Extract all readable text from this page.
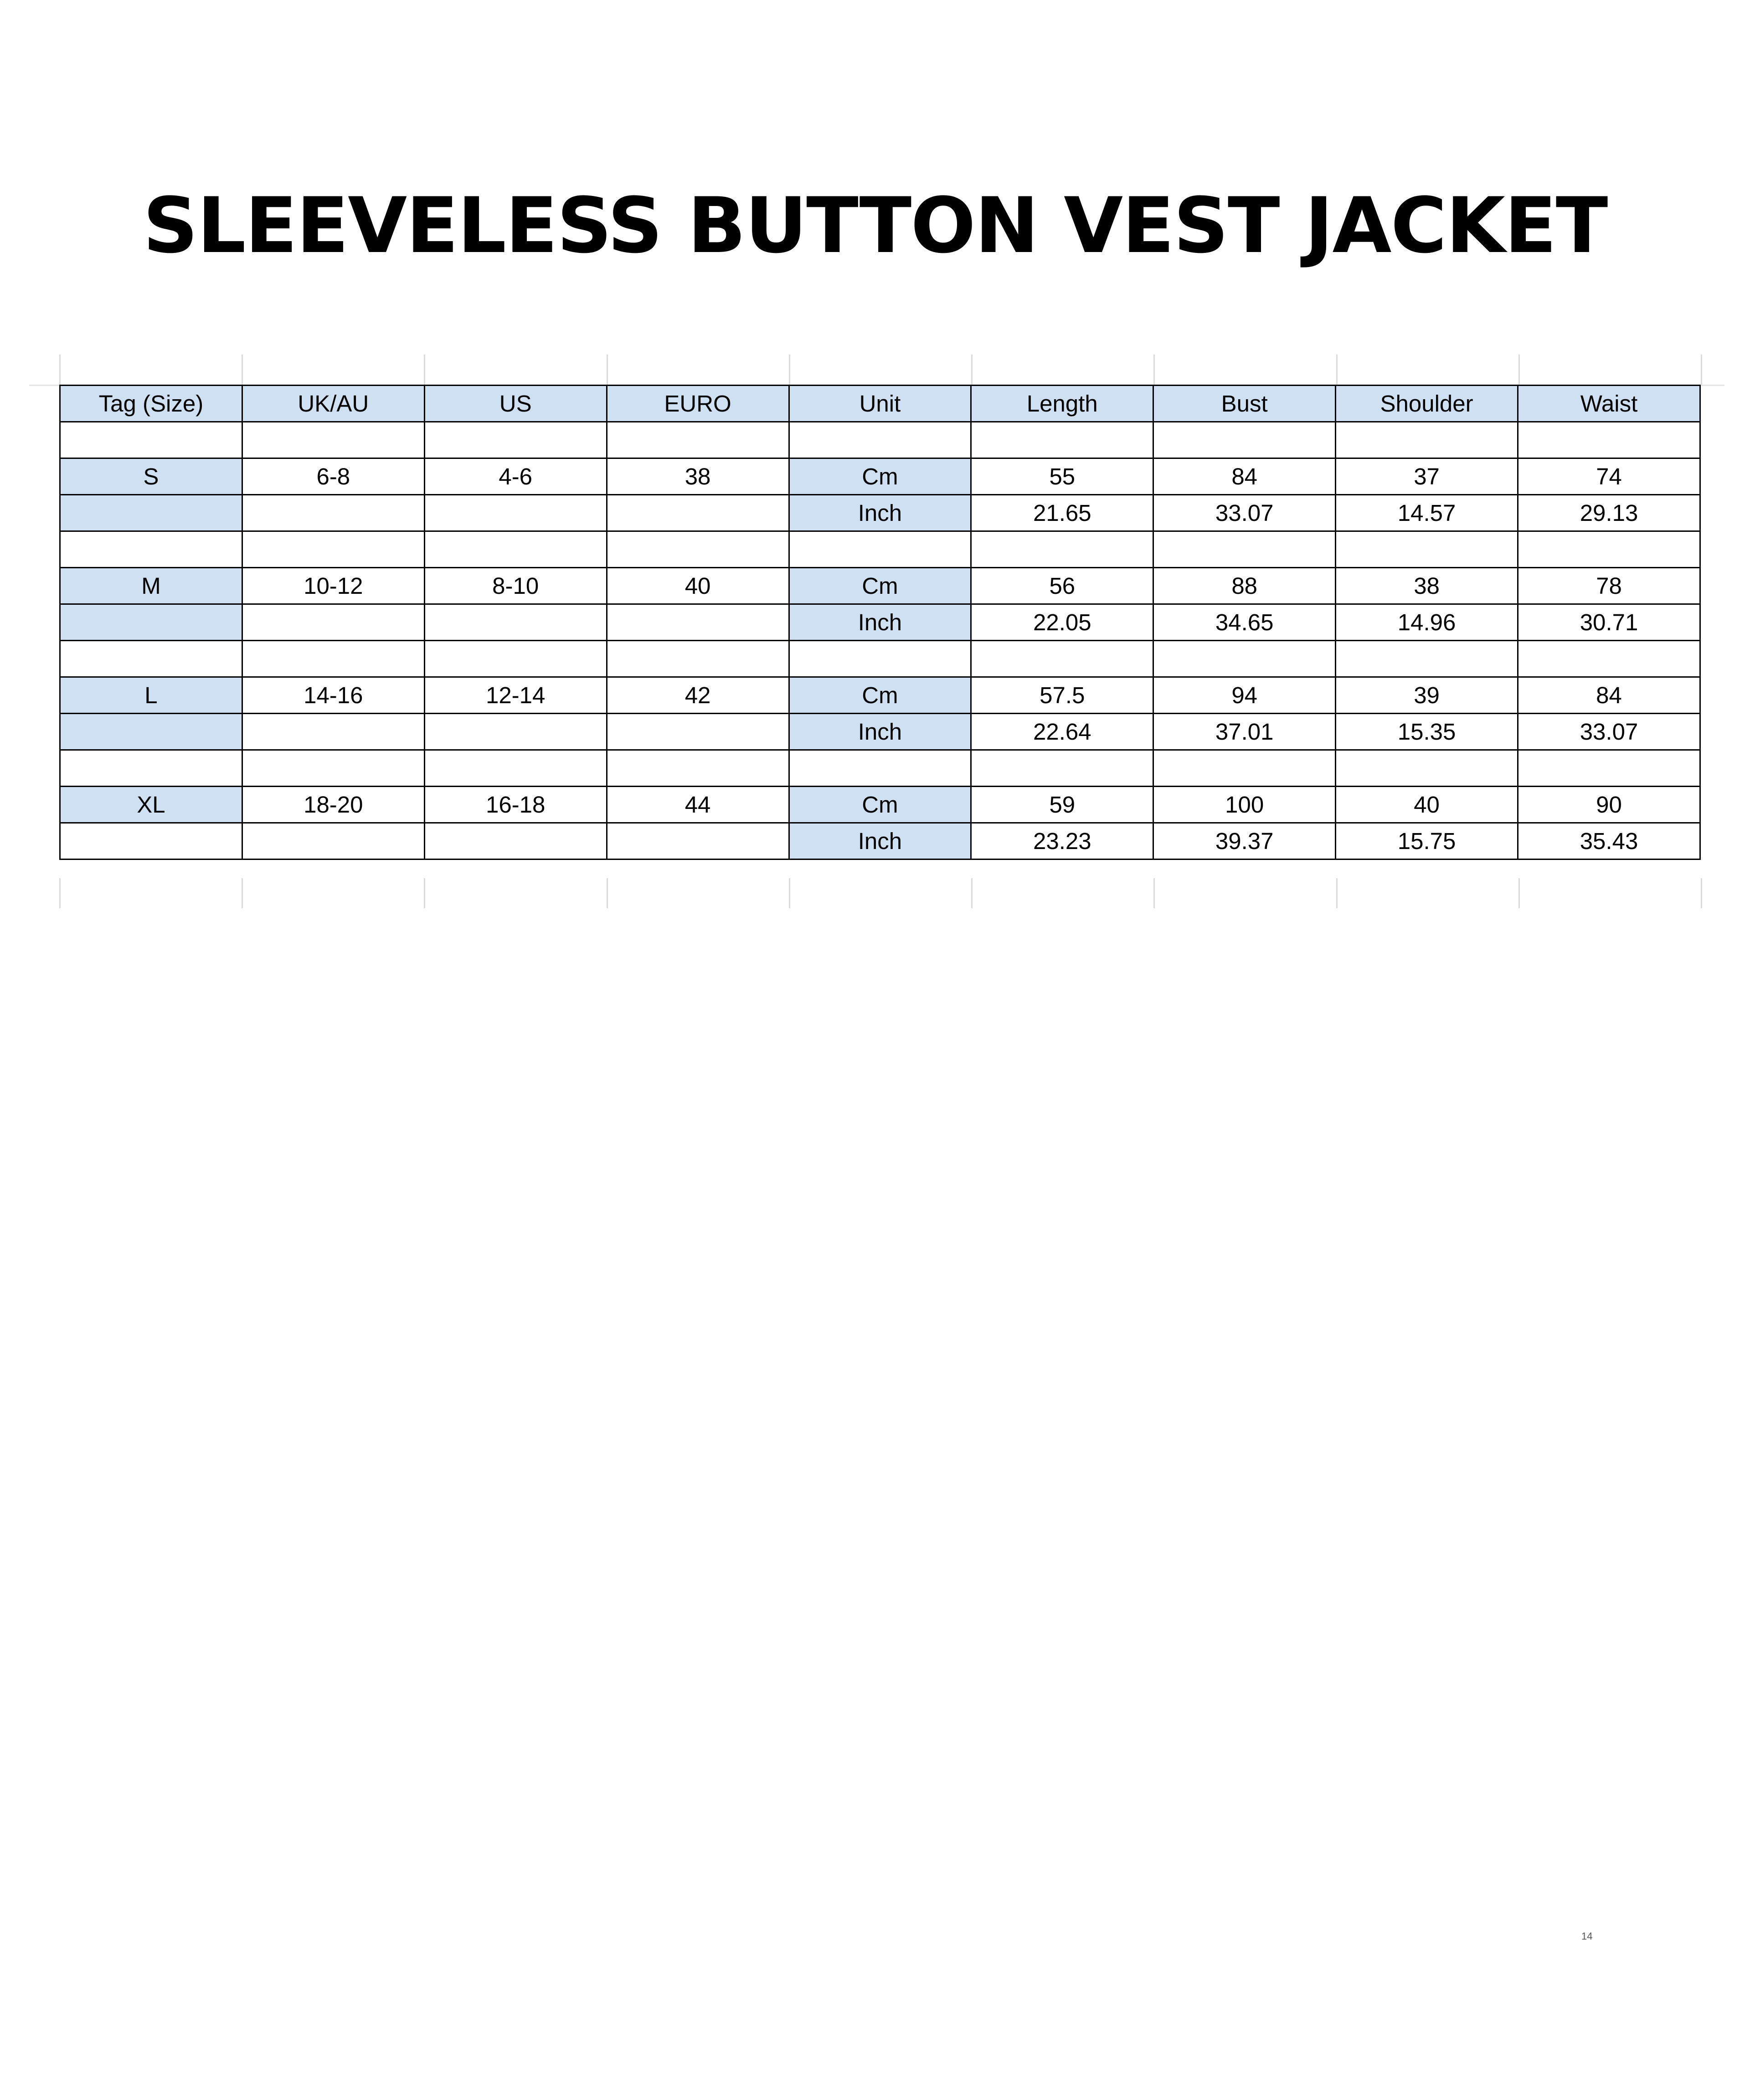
SLEEVELESS BUTTON VEST JACKET
Tag (Size)	UK/AU	US	EURO	Unit	Length	Bust	Shoulder	Waist

S	6-8	4-6	38	Cm	55	84	37	74
				Inch	21.65	33.07	14.57	29.13

M	10-12	8-10	40	Cm	56	88	38	78
				Inch	22.05	34.65	14.96	30.71

L	14-16	12-14	42	Cm	57.5	94	39	84
				Inch	22.64	37.01	15.35	33.07

XL	18-20	16-18	44	Cm	59	100	40	90
				Inch	23.23	39.37	15.75	35.43
14
